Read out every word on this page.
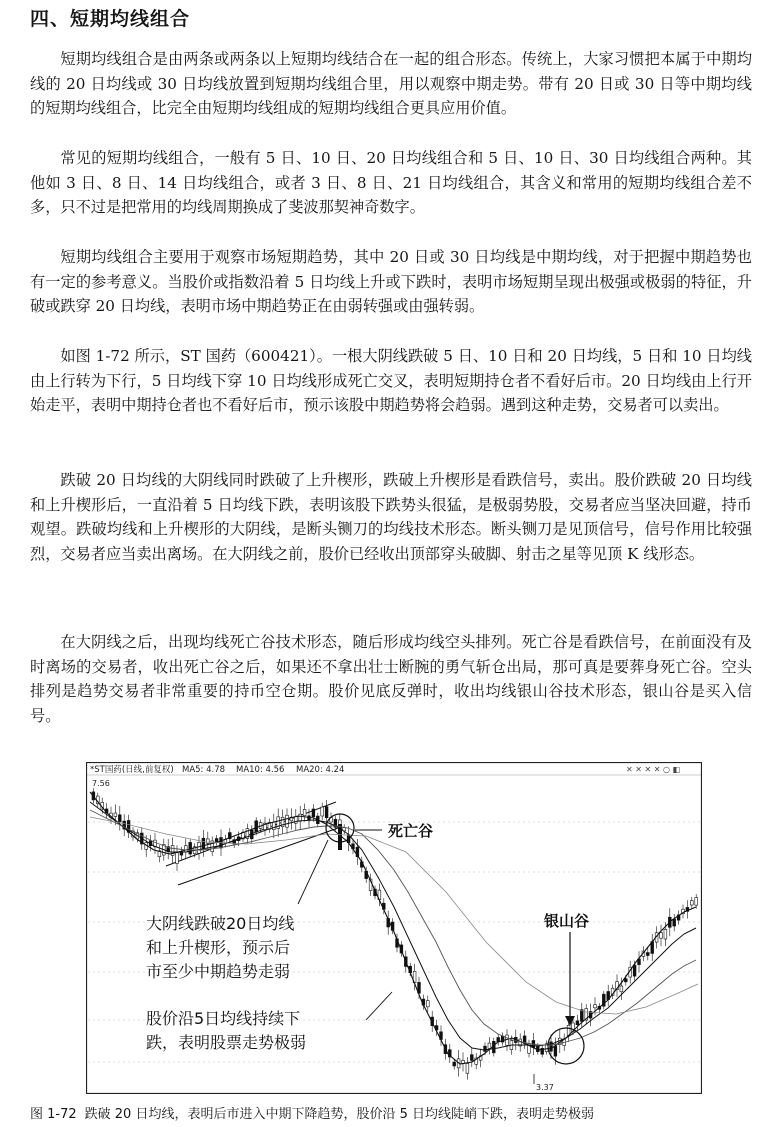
四、短期均线组合

短期均线组合是由两条或两条以上短期均线结合在一起的组合形态。传统上，大家习惯把本属于中期均线的 20 日均线或 30 日均线放置到短期均线组合里，用以观察中期走势。带有 20 日或 30 日等中期均线的短期均线组合，比完全由短期均线组成的短期均线组合更具应用价值。

常见的短期均线组合，一般有 5 日、10 日、20 日均线组合和 5 日、10 日、30 日均线组合两种。其他如 3 日、8 日、14 日均线组合，或者 3 日、8 日、21 日均线组合，其含义和常用的短期均线组合差不多，只不过是把常用的均线周期换成了斐波那契神奇数字。

短期均线组合主要用于观察市场短期趋势，其中 20 日或 30 日均线是中期均线，对于把握中期趋势也有一定的参考意义。当股价或指数沿着 5 日均线上升或下跌时，表明市场短期呈现出极强或极弱的特征，升破或跌穿 20 日均线，表明市场中期趋势正在由弱转强或由强转弱。

如图 1-72 所示，ST 国药（600421）。一根大阴线跌破 5 日、10 日和 20 日均线，5 日和 10 日均线由上行转为下行，5 日均线下穿 10 日均线形成死亡交叉，表明短期持仓者不看好后市。20 日均线由上行开始走平，表明中期持仓者也不看好后市，预示该股中期趋势将会趋弱。遇到这种走势，交易者可以卖出。

跌破 20 日均线的大阴线同时跌破了上升楔形，跌破上升楔形是看跌信号，卖出。股价跌破 20 日均线和上升楔形后，一直沿着 5 日均线下跌，表明该股下跌势头很猛，是极弱势股，交易者应当坚决回避，持币观望。跌破均线和上升楔形的大阴线，是断头铡刀的均线技术形态。断头铡刀是见顶信号，信号作用比较强烈，交易者应当卖出离场。在大阴线之前，股价已经收出顶部穿头破脚、射击之星等见顶 K 线形态。

在大阴线之后，出现均线死亡谷技术形态，随后形成均线空头排列。死亡谷是看跌信号，在前面没有及时离场的交易者，收出死亡谷之后，如果还不拿出壮士断腕的勇气斩仓出局，那可真是要葬身死亡谷。空头排列是趋势交易者非常重要的持币空仓期。股价见底反弹时，收出均线银山谷技术形态，银山谷是买入信号。

*ST国药(日线,前复权) MA5: 4.78 MA10: 4.56 MA20: 4.24	✕ ✕ ✕ ✕ ○ ◧
7.56
死亡谷
银山谷
大阴线跌破20日均线 和上升楔形，预示后 市至少中期趋势走弱
股价沿5日均线持续下 跌，表明股票走势极弱
3.37
图 1-72 跌破 20 日均线，表明后市进入中期下降趋势，股价沿 5 日均线陡峭下跌，表明走势极弱
